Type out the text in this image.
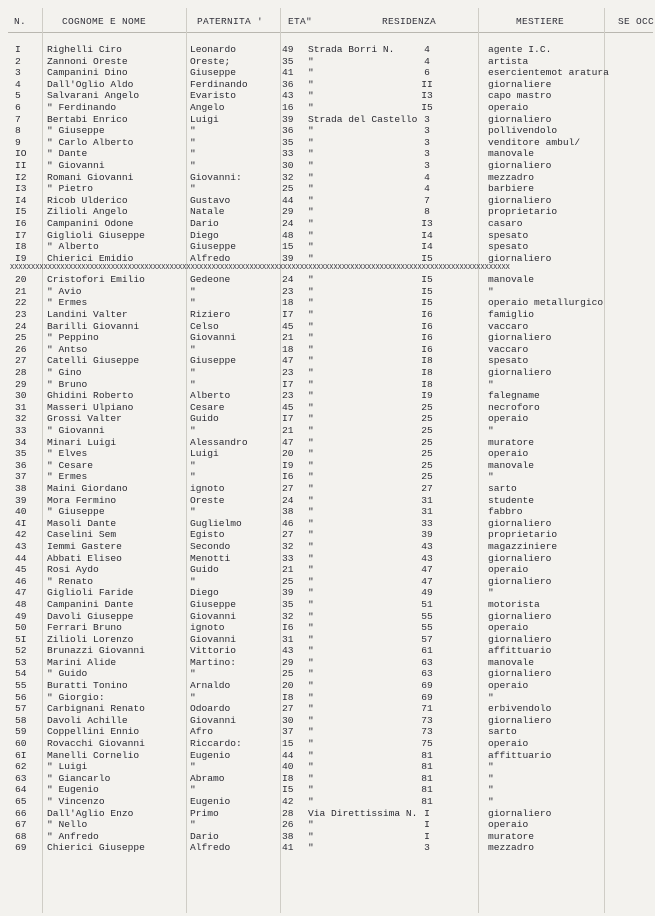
N.	COGNOME E NOME	PATERNITA '	ETA"	RESIDENZA	MESTIERE	SE OCC
I	Righelli Ciro	Leonardo	49	Strada Borri N.	4	agente I.C.
2	Zannoni Oreste	Oreste;	35	"	4	artista
3	Campanini Dino	Giuseppe	41	"	6	esercientemot aratura
4	Dall'Oglio Aldo	Ferdinando	36	"	II	giornaliere
5	Salvarani Angelo	Evaristo	43	"	I3	capo mastro
6	" Ferdinando	Angelo	16	"	I5	operaio
7	Bertabi Enrico	Luigi	39	Strada del Castello 3	giornaliero
8	" Giuseppe	"	36	"	3	pollivendolo
9	" Carlo Alberto	"	35	"	3	venditore ambul/
IO	" Dante	"	33	"	3	manovale
II	" Giovanni	"	30	"	3	giornaliero
I2	Romani Giovanni	Giovanni:	32	"	4	mezzadro
I3	" Pietro	"	25	"	4	barbiere
I4	Ricob Ulderico	Gustavo	44	"	7	giornaliero
I5	Zilioli Angelo	Natale	29	"	8	proprietario
I6	Campanini Odone	Dario	24	"	I3	casaro
I7	Giglioli Giuseppe	Diego	48	"	I4	spesato
I8	" Alberto	Giuseppe	15	"	I4	spesato
I9	Chierici Emidio	Alfredo	39	"	I5	giornaliero
XXXXXXXXXXXXXXXXXXXXXXXXXXXXXXXXXXXXXXXXXXXXXXXXXXXXXXXXXXXXXXXXXXXXXXXXXXXXXXXXXXXXXXXXXXXXXXXXXXXXXXXXXXXXXXXXXXXXXXX
20	Cristofori Emilio	Gedeone	24	"	I5	manovale
21	" Avio	"	23	"	I5	"
22	" Ermes	"	18	"	I5	operaio metallurgico
23	Landini Valter	Riziero	I7	"	I6	famiglio
24	Barilli Giovanni	Celso	45	"	I6	vaccaro
25	" Peppino	Giovanni	21	"	I6	giornaliero
26	" Antso	"	18	"	I6	vaccaro
27	Catelli Giuseppe	Giuseppe	47	"	I8	spesato
28	" Gino	"	23	"	I8	giornaliero
29	" Bruno	"	I7	"	I8	"
30	Ghidini Roberto	Alberto	23	"	I9	falegname
31	Masseri Ulpiano	Cesare	45	"	25	necroforo
32	Grossi Valter	Guido	I7	"	25	operaio
33	" Giovanni	"	21	"	25	"
34	Minari Luigi	Alessandro	47	"	25	muratore
35	" Elves	Luigi	20	"	25	operaio
36	" Cesare	"	I9	"	25	manovale
37	" Ermes	"	I6	"	25	"
38	Maini Giordano	ignoto	27	"	27	sarto
39	Mora Fermino	Oreste	24	"	31	studente
40	" Giuseppe	"	38	"	31	fabbro
4I	Masoli Dante	Guglielmo	46	"	33	giornaliero
42	Caselini Sem	Egisto	27	"	39	proprietario
43	Iemmi Gastere	Secondo	32	"	43	magazziniere
44	Abbati Eliseo	Menotti	33	"	43	giornaliero
45	Rosi Aydo	Guido	21	"	47	operaio
46	" Renato	"	25	"	47	giornaliero
47	Giglioli Faride	Diego	39	"	49	"
48	Campanini Dante	Giuseppe	35	"	51	motorista
49	Davoli Giuseppe	Giovanni	32	"	55	giornaliero
50	Ferrari Bruno	ignoto	I6	"	55	operaio
5I	Zilioli Lorenzo	Giovanni	31	"	57	giornaliero
52	Brunazzi Giovanni	Vittorio	43	"	61	affittuario
53	Marini Alide	Martino:	29	"	63	manovale
54	" Guido	"	25	"	63	giornaliero
55	Buratti Tonino	Arnaldo	20	"	69	operaio
56	" Giorgio:	"	I8	"	69	"
57	Carbignani Renato	Odoardo	27	"	71	erbivendolo
58	Davoli Achille	Giovanni	30	"	73	giornaliero
59	Coppellini Ennio	Afro	37	"	73	sarto
60	Rovacchi Giovanni	Riccardo:	15	"	75	operaio
6I	Manelli Cornelio	Eugenio	44	"	81	affittuario
62	" Luigi	"	40	"	81	"
63	" Giancarlo	Abramo	I8	"	81	"
64	" Eugenio	"	I5	"	81	"
65	" Vincenzo	Eugenio	42	"	81	"
66	Dall'Aglio Enzo	Primo	28	Via Direttissima N. I	giornaliero
67	" Nello	"	26	"	I	operaio
68	" Anfredo	Dario	38	"	I	muratore
69	Chierici Giuseppe	Alfredo	41	"	3	mezzadro
